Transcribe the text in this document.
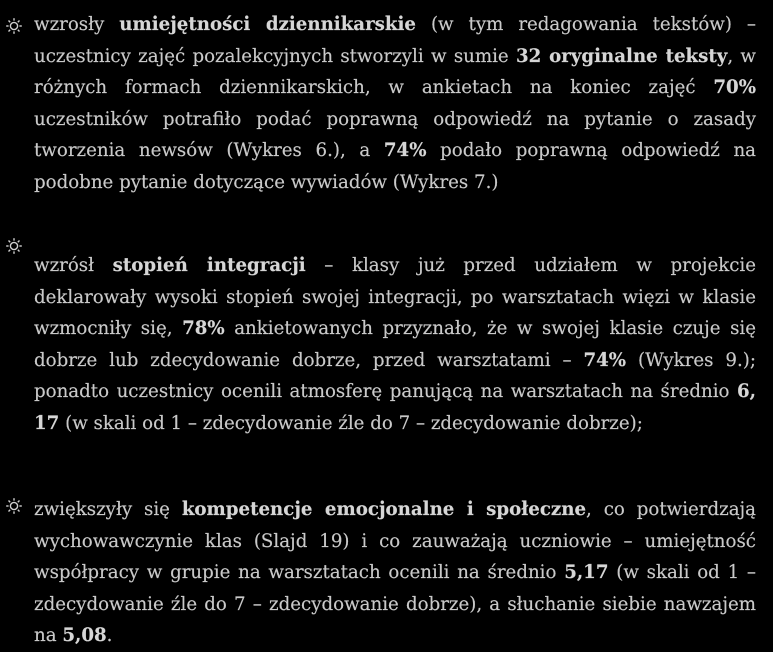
wzrosły umiejętności dziennikarskie (w tym redagowania tekstów) – uczestnicy zajęć pozalekcyjnych stworzyli w sumie 32 oryginalne teksty, w różnych formach dziennikarskich, w ankietach na koniec zajęć 70% uczestników potrafiło podać poprawną odpowiedź na pytanie o zasady tworzenia newsów (Wykres 6.), a 74% podało poprawną odpowiedź na podobne pytanie dotyczące wywiadów (Wykres 7.)
wzrósł stopień integracji – klasy już przed udziałem w projekcie deklarowały wysoki stopień swojej integracji, po warsztatach więzi w klasie wzmocniły się, 78% ankietowanych przyznało, że w swojej klasie czuje się dobrze lub zdecydowanie dobrze, przed warsztatami – 74% (Wykres 9.); ponadto uczestnicy ocenili atmosferę panującą na warsztatach na średnio 6, 17 (w skali od 1 – zdecydowanie źle do 7 – zdecydowanie dobrze);
zwiększyły się kompetencje emocjonalne i społeczne, co potwierdzają wychowawczynie klas (Slajd 19) i co zauważają uczniowie – umiejętność współpracy w grupie na warsztatach ocenili na średnio 5,17 (w skali od 1 – zdecydowanie źle do 7 – zdecydowanie dobrze), a słuchanie siebie nawzajem na 5,08.
